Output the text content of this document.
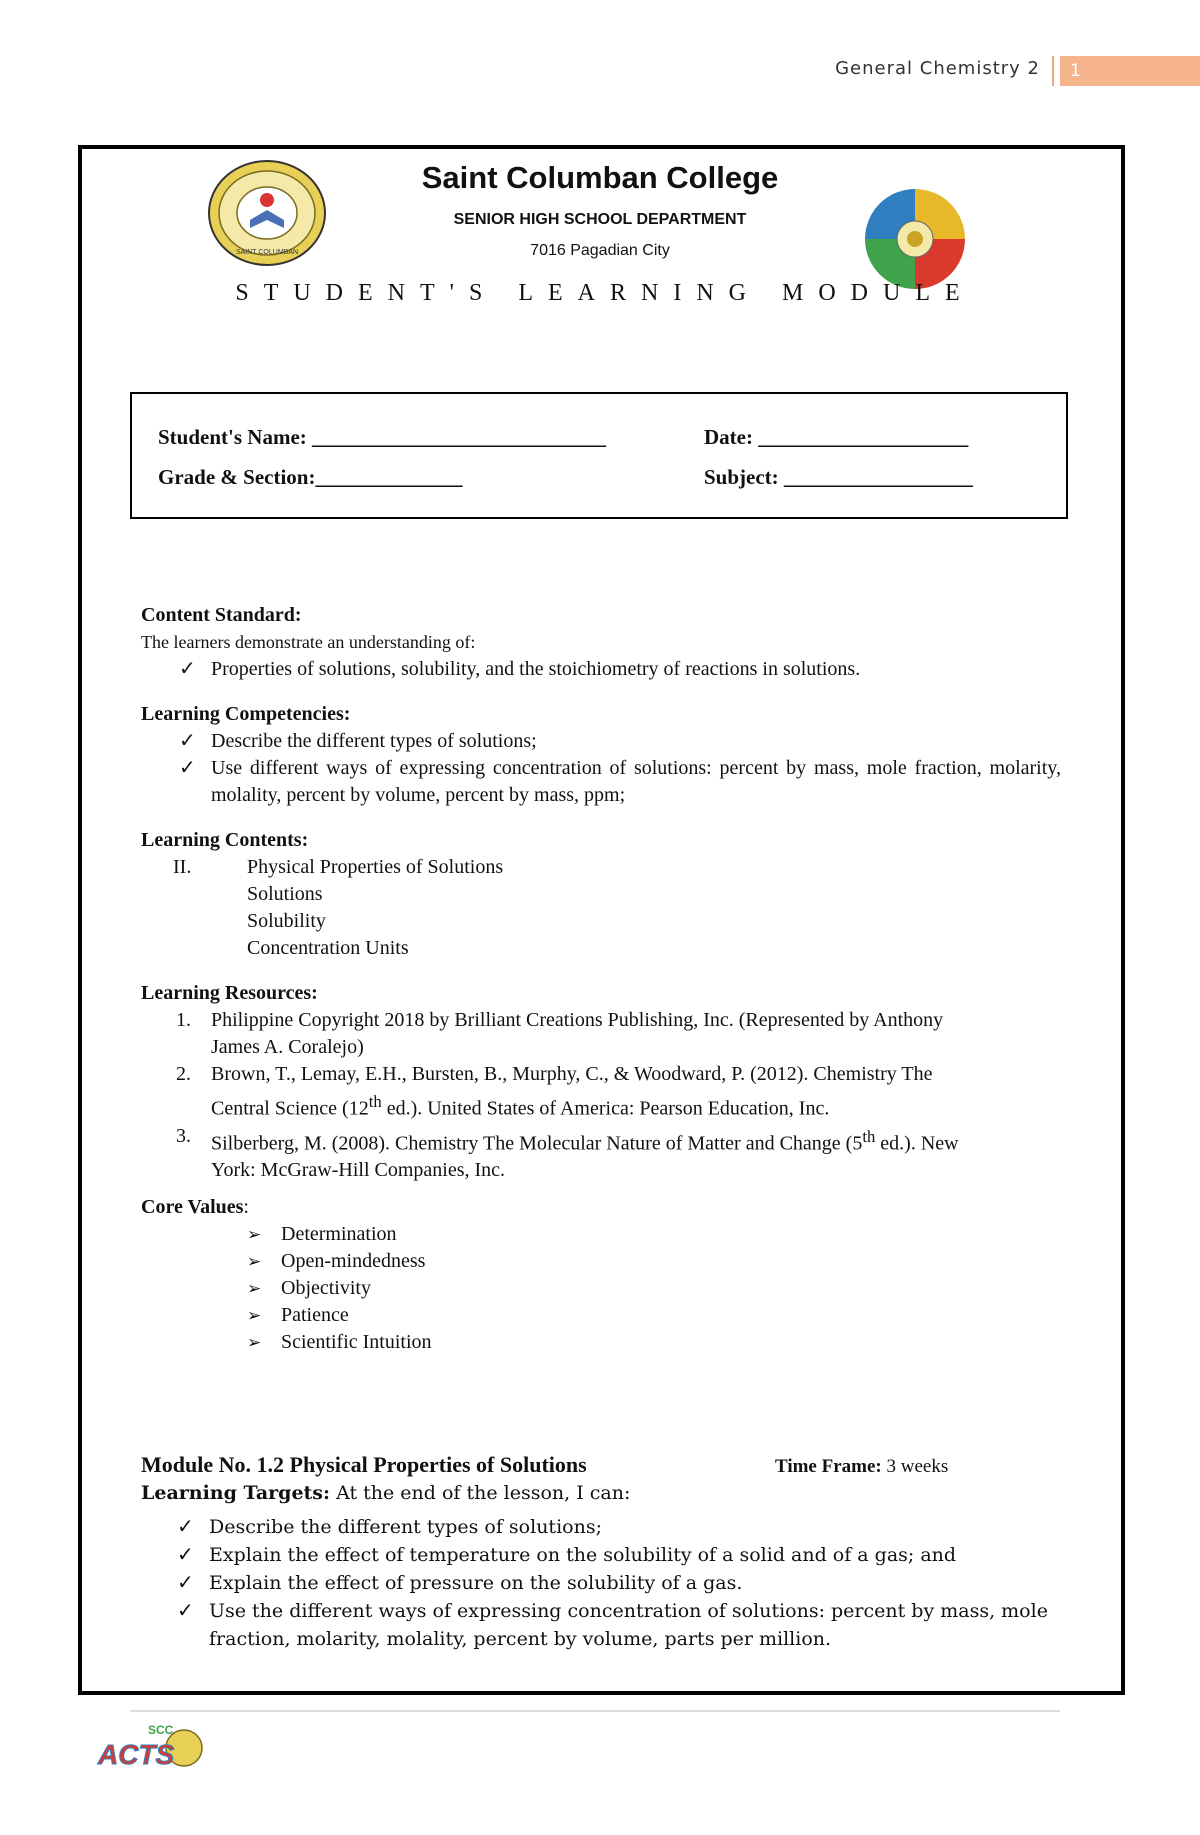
General Chemistry 2	1
SAINT COLUMBAN
Saint Columban College
SENIOR HIGH SCHOOL DEPARTMENT
7016 Pagadian City
STUDENT'S LEARNING MODULE
Student's Name: ____________________________	Date: ____________________
Grade & Section:______________	Subject: __________________

Content Standard:

The learners demonstrate an understanding of:

✓ Properties of solutions, solubility, and the stoichiometry of reactions in solutions.

Learning Competencies:

✓ Describe the different types of solutions;
✓ Use different ways of expressing concentration of solutions: percent by mass, mole fraction, molarity, molality, percent by volume, percent by mass, ppm;

Learning Contents:

II.	Physical Properties of Solutions
Solutions
Solubility
Concentration Units

Learning Resources:

1.	Philippine Copyright 2018 by Brilliant Creations Publishing, Inc. (Represented by Anthony James A. Coralejo)
2.	Brown, T., Lemay, E.H., Bursten, B., Murphy, C., & Woodward, P. (2012). Chemistry The Central Science (12th ed.). United States of America: Pearson Education, Inc.
3.	Silberberg, M. (2008). Chemistry The Molecular Nature of Matter and Change (5th ed.). New York: McGraw-Hill Companies, Inc.

Core Values:

➢ Determination
➢ Open-mindedness
➢ Objectivity
➢ Patience
➢ Scientific Intuition
Module No. 1.2 Physical Properties of Solutions	Time Frame: 3 weeks

Learning Targets: At the end of the lesson, I can:

✓ Describe the different types of solutions;
✓ Explain the effect of temperature on the solubility of a solid and of a gas; and
✓ Explain the effect of pressure on the solubility of a gas.
✓ Use the different ways of expressing concentration of solutions: percent by mass, mole fraction, molarity, molality, percent by volume, parts per million.
SCC
ACTS
